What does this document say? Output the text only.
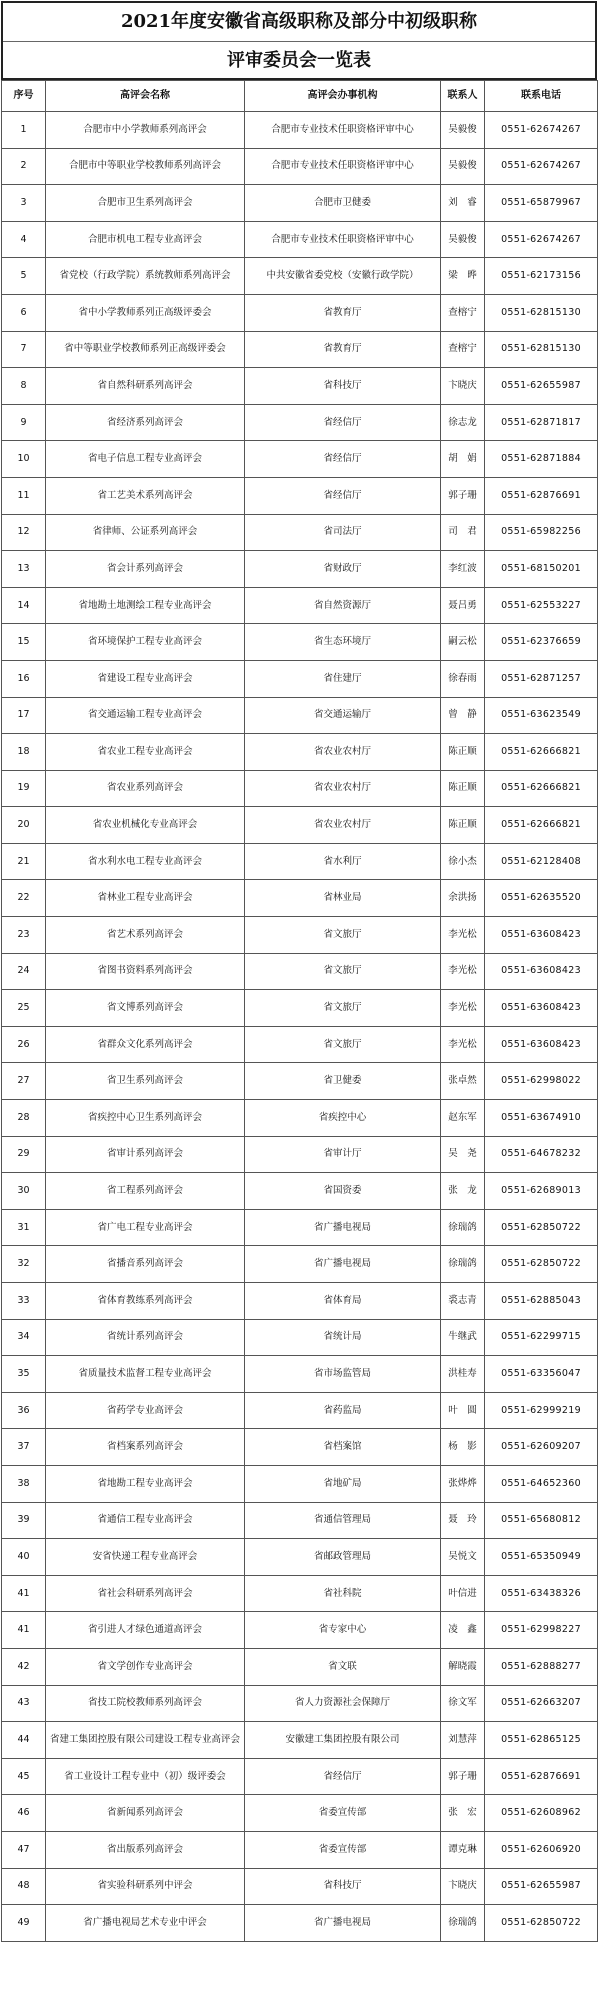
2021年度安徽省高级职称及部分中初级职称
评审委员会一览表
序号	高评会名称	高评会办事机构	联系人	联系电话
1	合肥市中小学教师系列高评会	合肥市专业技术任职资格评审中心	吴毅俊	0551-62674267
2	合肥市中等职业学校教师系列高评会	合肥市专业技术任职资格评审中心	吴毅俊	0551-62674267
3	合肥市卫生系列高评会	合肥市卫健委	刘　睿	0551-65879967
4	合肥市机电工程专业高评会	合肥市专业技术任职资格评审中心	吴毅俊	0551-62674267
5	省党校（行政学院）系统教师系列高评会	中共安徽省委党校（安徽行政学院）	梁　晔	0551-62173156
6	省中小学教师系列正高级评委会	省教育厅	查榕宁	0551-62815130
7	省中等职业学校教师系列正高级评委会	省教育厅	查榕宁	0551-62815130
8	省自然科研系列高评会	省科技厅	卞晓庆	0551-62655987
9	省经济系列高评会	省经信厅	徐志龙	0551-62871817
10	省电子信息工程专业高评会	省经信厅	胡　娟	0551-62871884
11	省工艺美术系列高评会	省经信厅	郭子珊	0551-62876691
12	省律师、公证系列高评会	省司法厅	司　君	0551-65982256
13	省会计系列高评会	省财政厅	李红波	0551-68150201
14	省地勘土地测绘工程专业高评会	省自然资源厅	聂吕勇	0551-62553227
15	省环境保护工程专业高评会	省生态环境厅	嗣云松	0551-62376659
16	省建设工程专业高评会	省住建厅	徐春雨	0551-62871257
17	省交通运输工程专业高评会	省交通运输厅	曾　静	0551-63623549
18	省农业工程专业高评会	省农业农村厅	陈正顺	0551-62666821
19	省农业系列高评会	省农业农村厅	陈正顺	0551-62666821
20	省农业机械化专业高评会	省农业农村厅	陈正顺	0551-62666821
21	省水利水电工程专业高评会	省水利厅	徐小杰	0551-62128408
22	省林业工程专业高评会	省林业局	余洪扬	0551-62635520
23	省艺术系列高评会	省文旅厅	李光松	0551-63608423
24	省图书资料系列高评会	省文旅厅	李光松	0551-63608423
25	省文博系列高评会	省文旅厅	李光松	0551-63608423
26	省群众文化系列高评会	省文旅厅	李光松	0551-63608423
27	省卫生系列高评会	省卫健委	张卓然	0551-62998022
28	省疾控中心卫生系列高评会	省疾控中心	赵东军	0551-63674910
29	省审计系列高评会	省审计厅	吴　尧	0551-64678232
30	省工程系列高评会	省国资委	张　龙	0551-62689013
31	省广电工程专业高评会	省广播电视局	徐瑞鸽	0551-62850722
32	省播音系列高评会	省广播电视局	徐瑞鸽	0551-62850722
33	省体育教练系列高评会	省体育局	裘志青	0551-62885043
34	省统计系列高评会	省统计局	牛继武	0551-62299715
35	省质量技术监督工程专业高评会	省市场监管局	洪桂寿	0551-63356047
36	省药学专业高评会	省药监局	叶　圆	0551-62999219
37	省档案系列高评会	省档案馆	杨　影	0551-62609207
38	省地勘工程专业高评会	省地矿局	张烨烨	0551-64652360
39	省通信工程专业高评会	省通信管理局	聂　玲	0551-65680812
40	安省快递工程专业高评会	省邮政管理局	吴悦文	0551-65350949
41	省社会科研系列高评会	省社科院	叶信进	0551-63438326
41	省引进人才绿色通道高评会	省专家中心	凌　鑫	0551-62998227
42	省文学创作专业高评会	省文联	解晓霞	0551-62888277
43	省技工院校教师系列高评会	省人力资源社会保障厅	徐文军	0551-62663207
44	省建工集团控股有限公司建设工程专业高评会	安徽建工集团控股有限公司	刘慧萍	0551-62865125
45	省工业设计工程专业中（初）级评委会	省经信厅	郭子珊	0551-62876691
46	省新闻系列高评会	省委宣传部	张　宏	0551-62608962
47	省出版系列高评会	省委宣传部	谭克琳	0551-62606920
48	省实验科研系列中评会	省科技厅	卞晓庆	0551-62655987
49	省广播电视局艺术专业中评会	省广播电视局	徐瑞鸽	0551-62850722
